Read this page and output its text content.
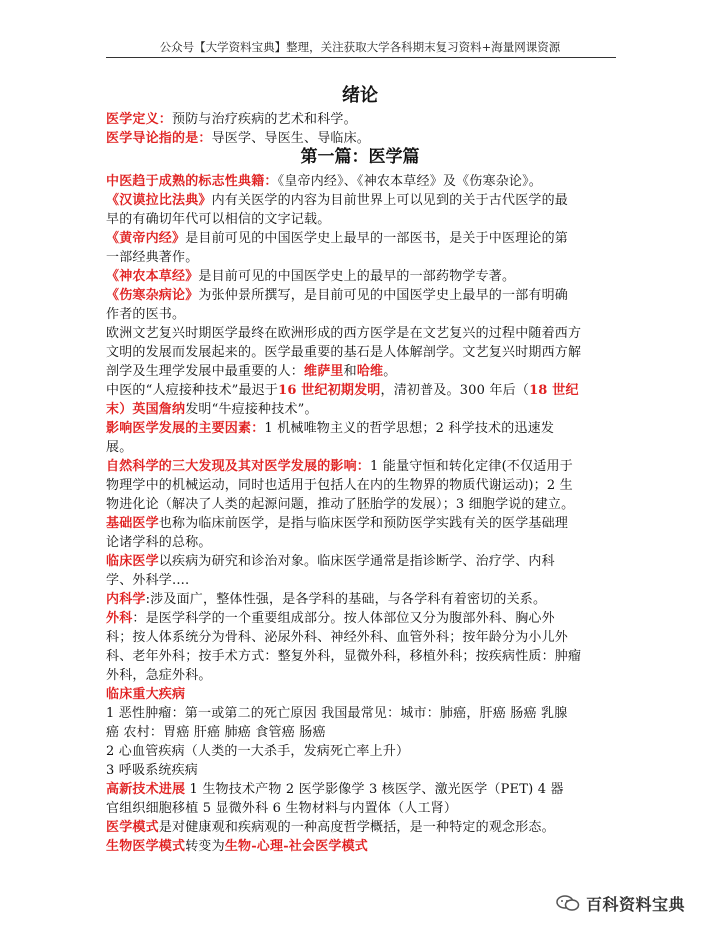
公众号【大学资料宝典】整理，关注获取大学各科期末复习资料+海量网课资源
绪论
第一篇：医学篇
医学定义：预防与治疗疾病的艺术和科学。
医学导论指的是：导医学、导医生、导临床。
中医趋于成熟的标志性典籍：《皇帝内经》、《神农本草经》及《伤寒杂论》。
《汉谟拉比法典》内有关医学的内容为目前世界上可以见到的关于古代医学的最
早的有确切年代可以相信的文字记载。
《黄帝内经》是目前可见的中国医学史上最早的一部医书，是关于中医理论的第
一部经典著作。
《神农本草经》是目前可见的中国医学史上的最早的一部药物学专著。
《伤寒杂病论》为张仲景所撰写，是目前可见的中国医学史上最早的一部有明确
作者的医书。
欧洲文艺复兴时期医学最终在欧洲形成的西方医学是在文艺复兴的过程中随着西方
文明的发展而发展起来的。医学最重要的基石是人体解剖学。文艺复兴时期西方解
剖学及生理学发展中最重要的人：维萨里和哈维。
中医的“人痘接种技术”最迟于16 世纪初期发明，清初普及。300 年后（18 世纪
末）英国詹纳发明“牛痘接种技术”。
影响医学发展的主要因素：1 机械唯物主义的哲学思想；2 科学技术的迅速发
展。
自然科学的三大发现及其对医学发展的影响：1 能量守恒和转化定律(不仅适用于
物理学中的机械运动，同时也适用于包括人在内的生物界的物质代谢运动)；2 生
物进化论（解决了人类的起源问题，推动了胚胎学的发展）；3 细胞学说的建立。
基础医学也称为临床前医学，是指与临床医学和预防医学实践有关的医学基础理
论诸学科的总称。
临床医学以疾病为研究和诊治对象。临床医学通常是指诊断学、治疗学、内科
学、外科学....
内科学:涉及面广，整体性强，是各学科的基础，与各学科有着密切的关系。
外科：是医学科学的一个重要组成部分。按人体部位又分为腹部外科、胸心外
科；按人体系统分为骨科、泌尿外科、神经外科、血管外科；按年龄分为小儿外
科、老年外科；按手术方式：整复外科，显微外科，移植外科；按疾病性质：肿瘤
外科，急症外科。
临床重大疾病
1 恶性肿瘤：第一或第二的死亡原因 我国最常见：城市：肺癌，肝癌 肠癌 乳腺
癌 农村：胃癌 肝癌 肺癌 食管癌 肠癌
2 心血管疾病（人类的一大杀手，发病死亡率上升）
3 呼吸系统疾病
高新技术进展 1 生物技术产物 2 医学影像学 3 核医学、激光医学（PET) 4 器
官组织细胞移植 5 显微外科 6 生物材料与内置体（人工肾）
医学模式是对健康观和疾病观的一种高度哲学概括，是一种特定的观念形态。
生物医学模式转变为生物-心理-社会医学模式
百科资料宝典
